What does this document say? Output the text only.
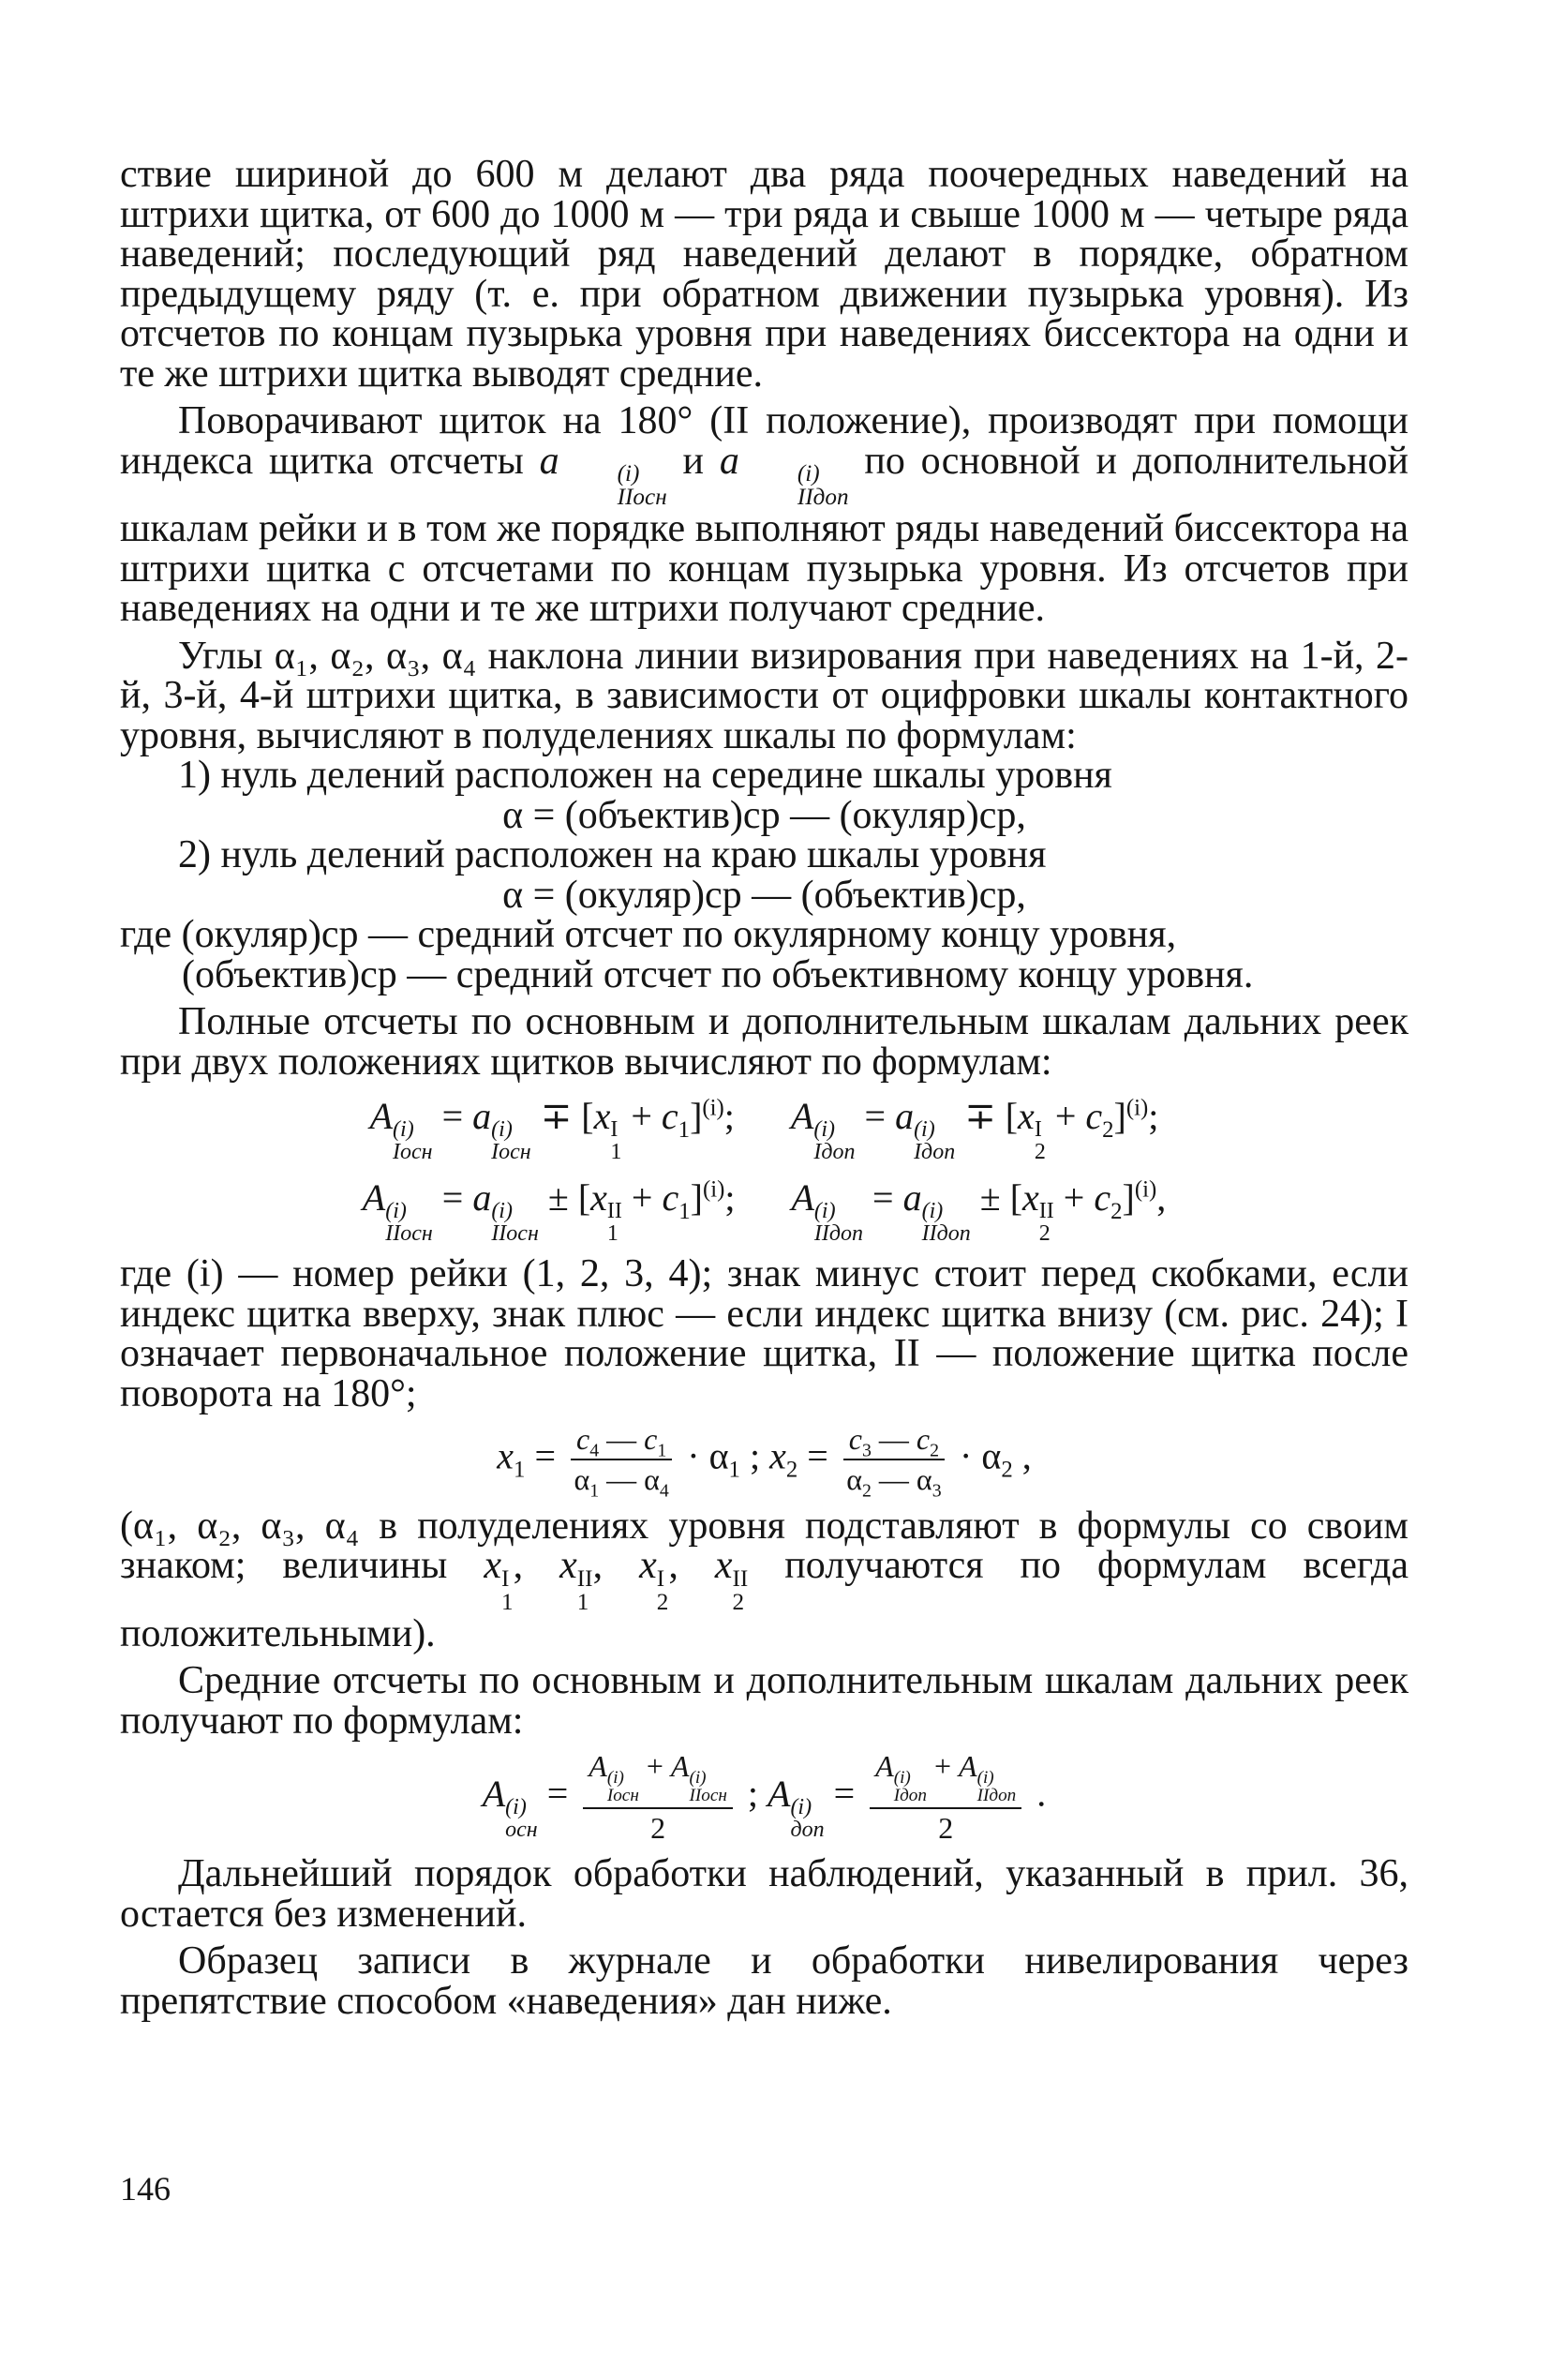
ствие шириной до 600 м делают два ряда поочередных наведений на штрихи щитка, от 600 до 1000 м — три ряда и свыше 1000 м — четыре ряда наведений; последующий ряд наведений делают в порядке, обратном предыдущему ряду (т. е. при обратном движении пузырька уровня). Из отсчетов по концам пузырька уровня при наведениях биссектора на одни и те же штрихи щитка выводят средние.

Поворачивают щиток на 180° (II положение), производят при помощи индекса щитка отсчеты a	(i)
IIосн
и a	(i)
IIдоп
по основной и дополнительной шкалам рейки и в том же порядке выполняют ряды наведений биссектора на штрихи щитка с отсчетами по концам пузырька уровня. Из отсчетов при наведениях на одни и те же штрихи получают средние.

Углы α₁, α₂, α₃, α₄ наклона линии визирования при наведениях на 1-й, 2-й, 3-й, 4-й штрихи щитка, в зависимости от оцифровки шкалы контактного уровня, вычисляют в полуделениях шкалы по формулам:

1) нуль делений расположен на середине шкалы уровня

α = (объектив)ср — (окуляр)ср,

2) нуль делений расположен на краю шкалы уровня

α = (окуляр)ср — (объектив)ср,

где (окуляр)ср — средний отсчет по окулярному концу уровня,

(объектив)ср — средний отсчет по объективному концу уровня.

Полные отсчеты по основным и дополнительным шкалам дальних реек при двух положениях щитков вычисляют по формулам:

A (i)
Iосн
= a (i)
Iосн
∓ [x I
1
+ $c_1]^{(i)}$;  A (i)
Iдоп
= a (i)
Iдоп
∓ [x I
2
+ $c_2]^{(i)}$;
A (i)
IIосн
= a (i)
IIосн
± [x II
1
+ $c_1]^{(i)}$;  A (i)
IIдоп
= a (i)
IIдоп
± [x II
2
+ $c_2]^{(i)}$,

где (i) — номер рейки (1, 2, 3, 4); знак минус стоит перед скобками, если индекс щитка вверху, знак плюс — если индекс щитка внизу (см. рис. 24); I означает первоначальное положение щитка, II — положение щитка после поворота на 180°;

$x_1 = \frac{c_4 — c_1}{\alpha_1 — \alpha_4} \cdot \alpha_1$ ; $x_2 = \frac{c_3 — c_2}{\alpha_2 — \alpha_3} \cdot \alpha_2$ ,

(α₁, α₂, α₃, α₄ в полуделениях уровня подставляют в формулы со своим знаком; величины x I
1
, x II
1
, x I
2
, x II
2
получаются по формулам всегда положительными).

Средние отсчеты по основным и дополнительным шкалам дальних реек получают по формулам:

A (i)
осн
= A (i)
Iосн
+ A (i)
IIосн
2 ; A (i)
доп
= A (i)
Iдоп
+ A (i)
IIдоп
2 .

Дальнейший порядок обработки наблюдений, указанный в прил. 36, остается без изменений.

Образец записи в журнале и обработки нивелирования через препятствие способом «наведения» дан ниже.

146
